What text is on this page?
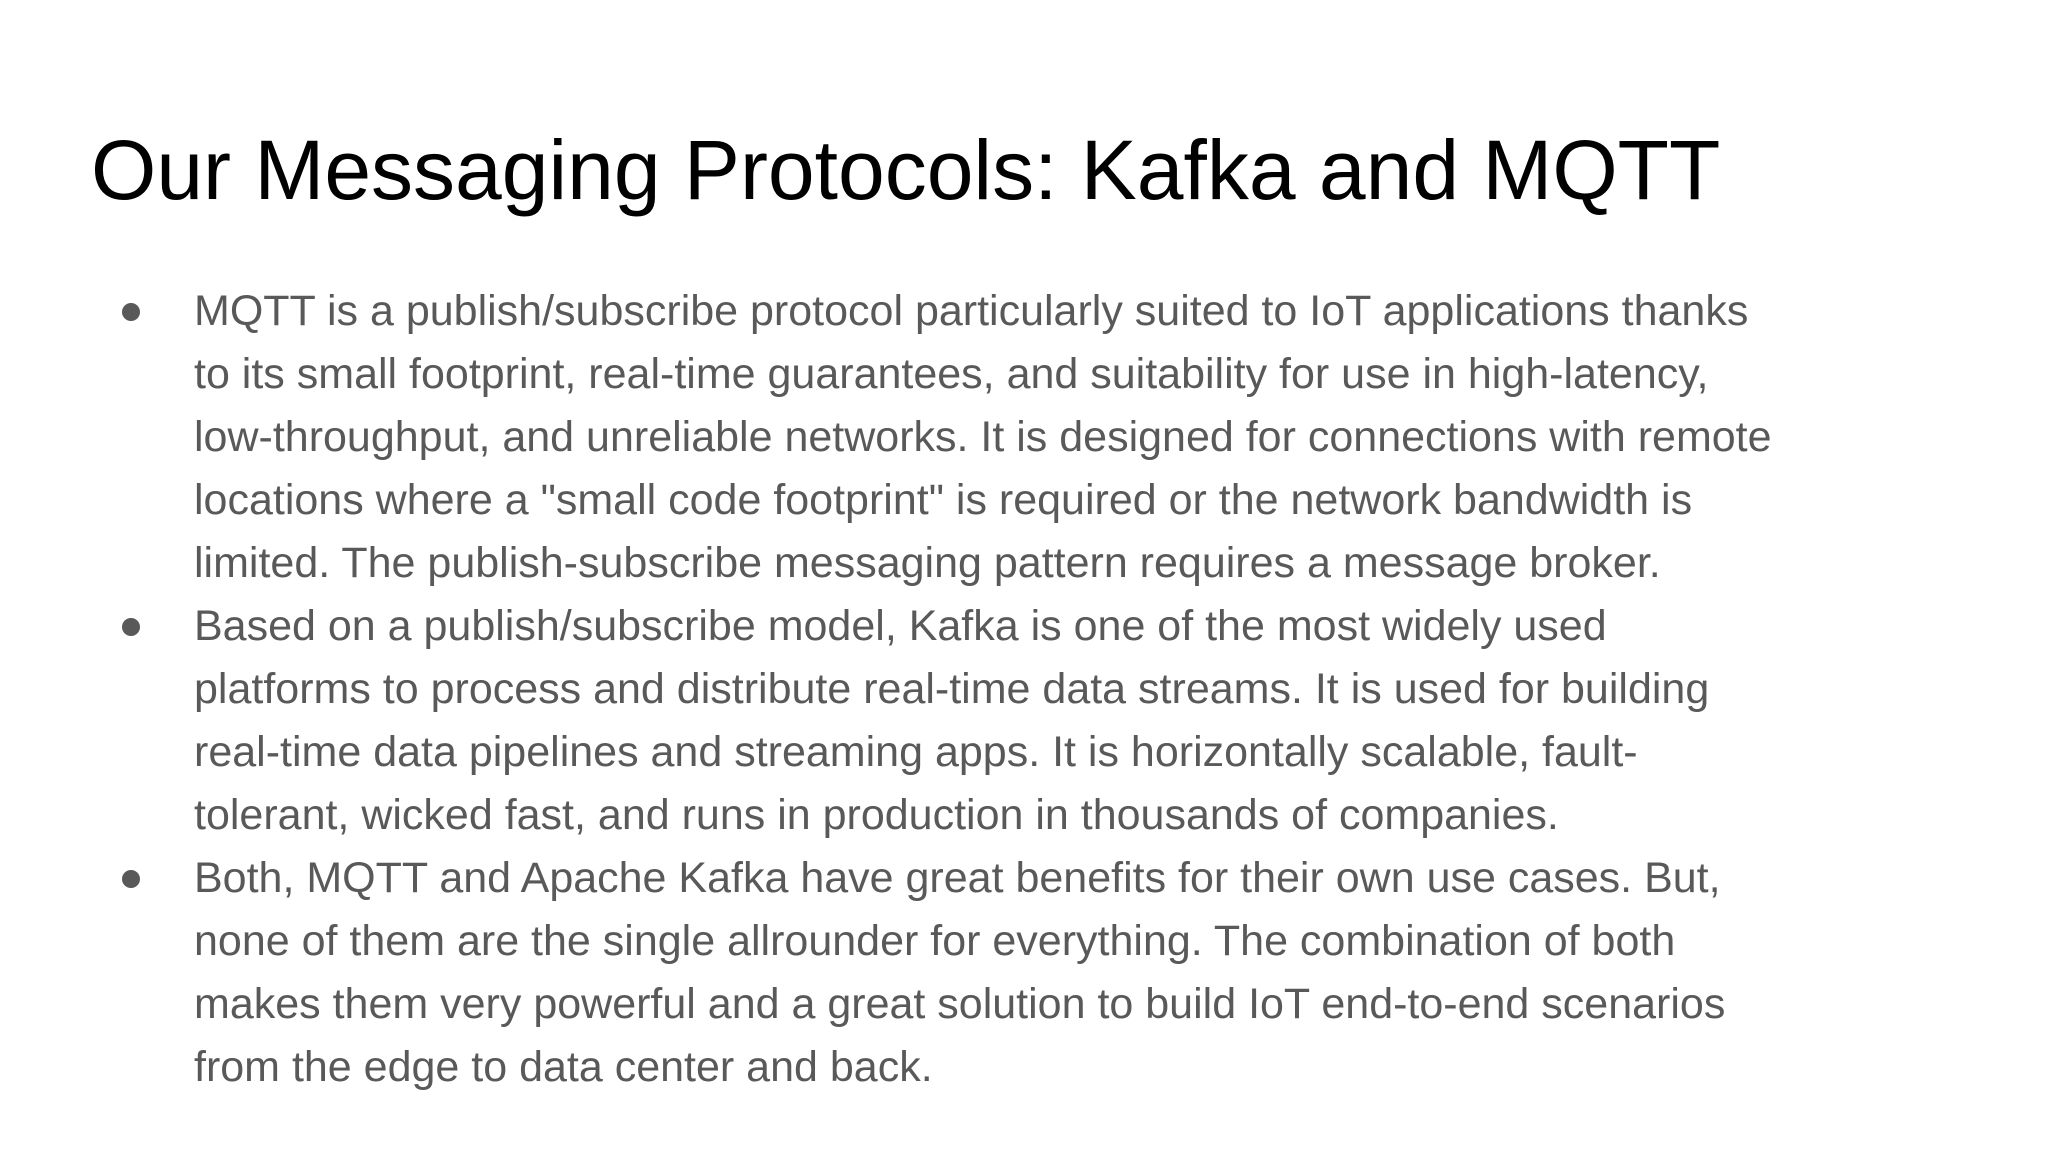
Our Messaging Protocols: Kafka and MQTT
MQTT is a publish/subscribe protocol particularly suited to IoT applications thanks to its small footprint, real-time guarantees, and suitability for use in high-latency, low-throughput, and unreliable networks. It is designed for connections with remote locations where a "small code footprint" is required or the network bandwidth is limited. The publish-subscribe messaging pattern requires a message broker.
Based on a publish/subscribe model, Kafka is one of the most widely used platforms to process and distribute real-time data streams. It is used for building real-time data pipelines and streaming apps. It is horizontally scalable, fault-tolerant, wicked fast, and runs in production in thousands of companies.
Both, MQTT and Apache Kafka have great benefits for their own use cases. But, none of them are the single allrounder for everything. The combination of both makes them very powerful and a great solution to build IoT end-to-end scenarios from the edge to data center and back.
